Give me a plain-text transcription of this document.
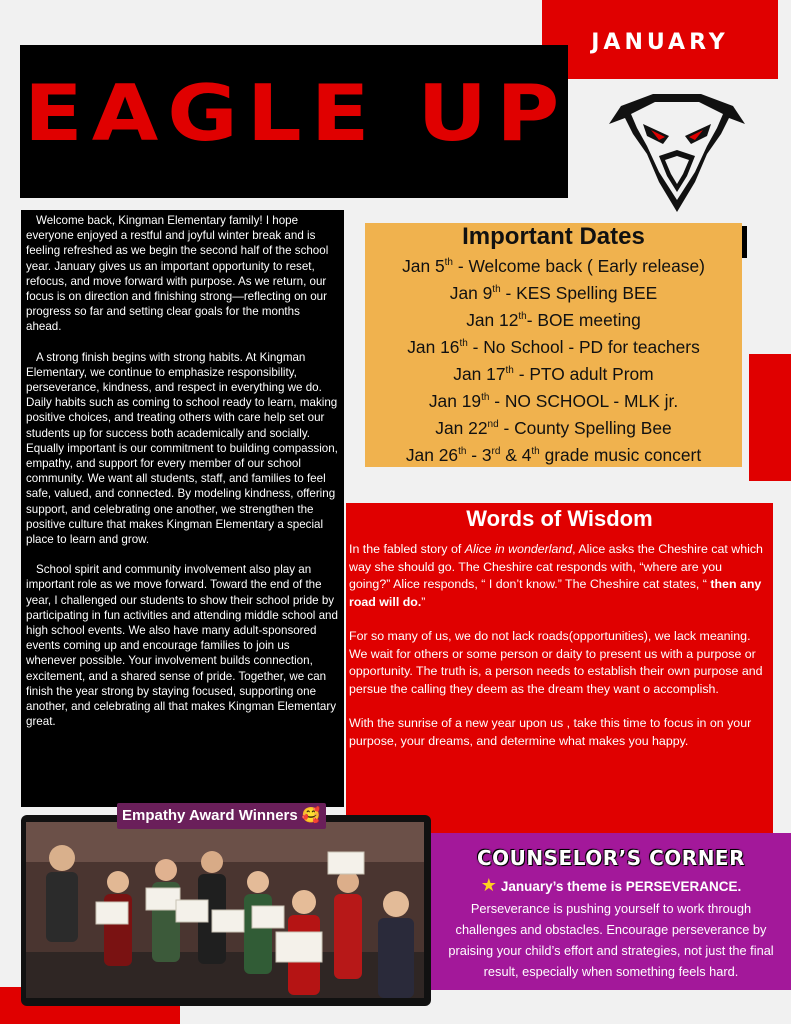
JANUARY
EAGLE UP

Welcome back, Kingman Elementary family! I hope everyone enjoyed a restful and joyful winter break and is feeling refreshed as we begin the second half of the school year. January gives us an important opportunity to reset, refocus, and move forward with purpose. As we return, our focus is on direction and finishing strong—reflecting on our progress so far and setting clear goals for the months ahead.

A strong finish begins with strong habits. At Kingman Elementary, we continue to emphasize responsibility, perseverance, kindness, and respect in everything we do. Daily habits such as coming to school ready to learn, making positive choices, and treating others with care help set our students up for success both academically and socially. Equally important is our commitment to building compassion, empathy, and support for every member of our school community. We want all students, staff, and families to feel safe, valued, and connected. By modeling kindness, offering support, and celebrating one another, we strengthen the positive culture that makes Kingman Elementary a special place to learn and grow.

School spirit and community involvement also play an important role as we move forward. Toward the end of the year, I challenged our students to show their school pride by participating in fun activities and attending middle school and high school events. We also have many adult-sponsored events coming up and encourage families to join us whenever possible. Your involvement builds connection, excitement, and a shared sense of pride. Together, we can finish the year strong by staying focused, supporting one another, and celebrating all that makes Kingman Elementary great.

Important Dates
Jan 5th - Welcome back ( Early release)
Jan 9th - KES Spelling BEE
Jan 12th- BOE meeting
Jan 16th - No School - PD for teachers
Jan 17th - PTO adult Prom
Jan 19th - NO SCHOOL - MLK jr.
Jan 22nd - County Spelling Bee
Jan 26th - 3rd & 4th grade music concert
Words of Wisdom

In the fabled story of Alice in wonderland, Alice asks the Cheshire cat which way she should go. The Cheshire cat responds with, “where are you going?” Alice responds, “ I don’t know.” The Cheshire cat states, “ then any road will do.”

For so many of us, we do not lack roads(opportunities), we lack meaning. We wait for others or some person or daity to present us with a purpose or opportunity. The truth is, a person needs to establish their own purpose and persue the calling they deem as the dream they want o accomplish.

With the sunrise of a new year upon us , take this time to focus in on your purpose, your dreams, and determine what makes you happy.

Empathy Award Winners 🥰
COUNSELOR’S CORNER
★ January’s theme is PERSEVERANCE.
Perseverance is pushing yourself to work through challenges and obstacles. Encourage perseverance by praising your child’s effort and strategies, not just the final result, especially when something feels hard.
